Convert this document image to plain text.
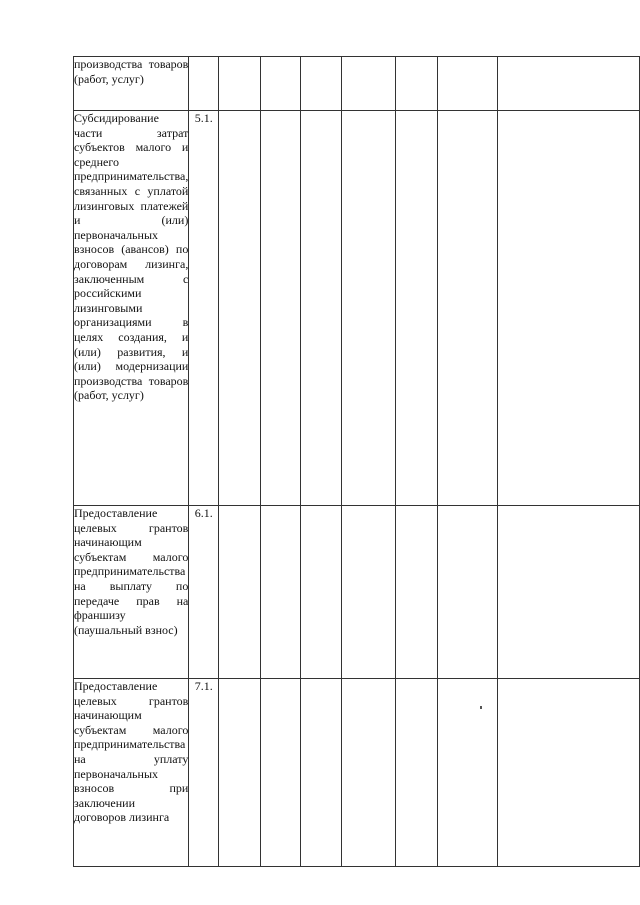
производства товаров (работ, услуг)								

Субсидирование части затрат субъектов малого и среднего предпринимательства, связанных с уплатой лизинговых платежей и (или) первоначальных взносов (авансов) по договорам лизинга, заключенным с российскими лизинговыми организациями в целях создания, и (или) развития, и (или) модернизации производства товаров (работ, услуг)	5.1.							

Предоставление целевых грантов начинающим субъектам малого предпринимательства на выплату по передаче прав на франшизу (паушальный взнос)	6.1.							

Предоставление целевых грантов начинающим субъектам малого предпринимательства на уплату первоначальных взносов при заключении договоров лизинга	7.1.							
